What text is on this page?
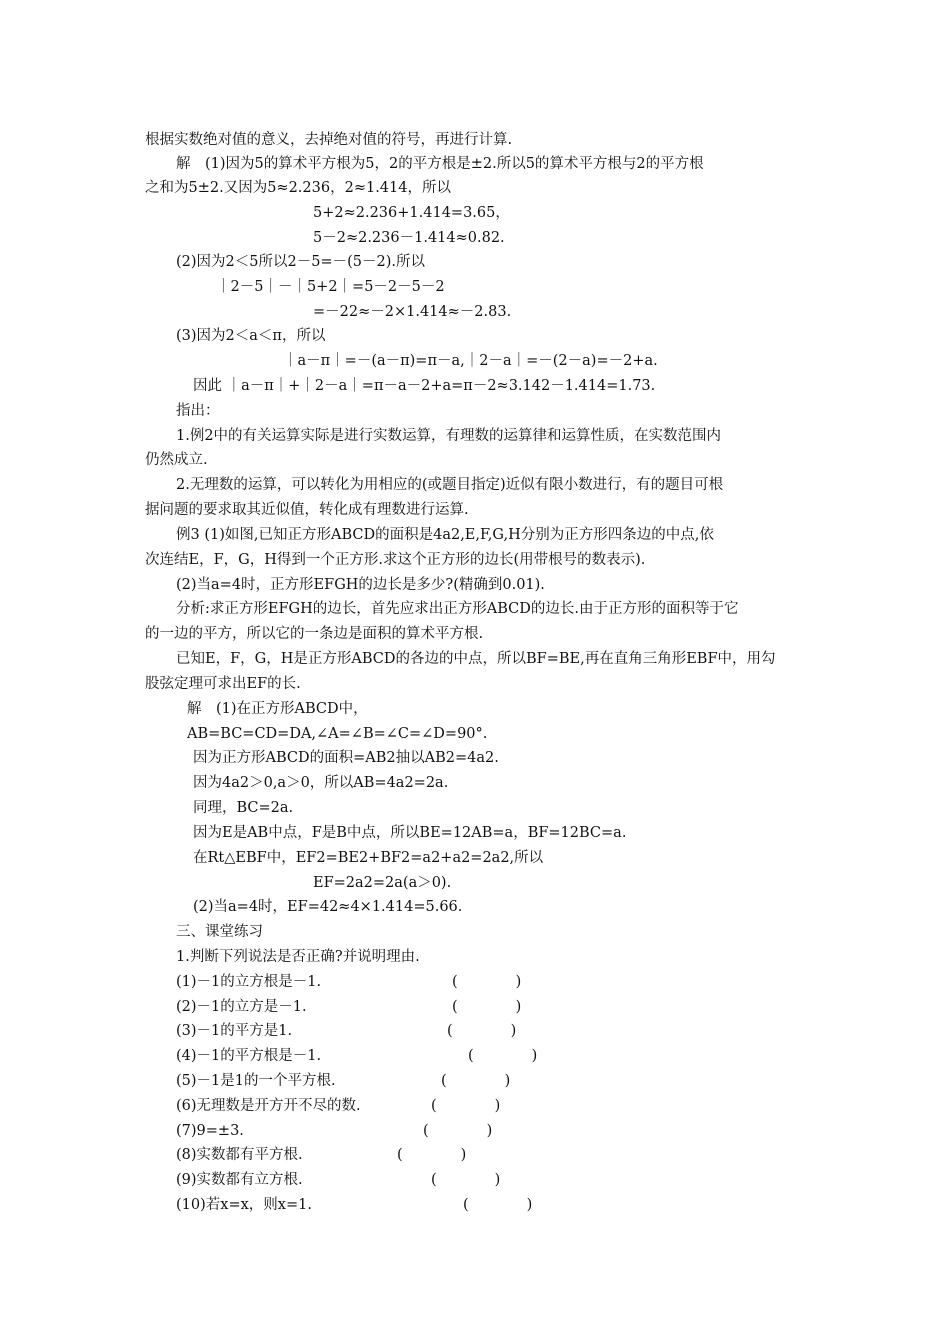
根据实数绝对值的意义，去掉绝对值的符号，再进行计算.
解　(1)因为5的算术平方根为5，2的平方根是±2.所以5的算术平方根与2的平方根
之和为5±2.又因为5≈2.236，2≈1.414，所以
5+2≈2.236+1.414=3.65，
5－2≈2.236－1.414≈0.82.
(2)因为2＜5所以2－5=－(5－2).所以
｜2－5｜－｜5+2｜=5－2－5－2
=－22≈－2×1.414≈－2.83.
(3)因为2＜a＜π，所以
｜a－π｜=－(a－π)=π－a,｜2－a｜=－(2－a)=－2+a.
因此 ｜a－π｜+｜2－a｜=π－a－2+a=π－2≈3.142－1.414=1.73.
指出：
1.例2中的有关运算实际是进行实数运算，有理数的运算律和运算性质，在实数范围内
仍然成立.
2.无理数的运算，可以转化为用相应的(或题目指定)近似有限小数进行，有的题目可根
据问题的要求取其近似值，转化成有理数进行运算.
例3 (1)如图,已知正方形ABCD的面积是4a2,E,F,G,H分别为正方形四条边的中点,依
次连结E，F，G，H得到一个正方形.求这个正方形的边长(用带根号的数表示).
(2)当a=4时，正方形EFGH的边长是多少?(精确到0.01).
分析:求正方形EFGH的边长，首先应求出正方形ABCD的边长.由于正方形的面积等于它
的一边的平方，所以它的一条边是面积的算术平方根.
已知E，F，G，H是正方形ABCD的各边的中点，所以BF=BE,再在直角三角形EBF中，用勾
股弦定理可求出EF的长.
解　(1)在正方形ABCD中，
AB=BC=CD=DA,∠A=∠B=∠C=∠D=90°.
因为正方形ABCD的面积=AB2抽以AB2=4a2.
因为4a2＞0,a＞0，所以AB=4a2=2a.
同理，BC=2a.
因为E是AB中点，F是B中点，所以BE=12AB=a，BF=12BC=a.
在Rt△EBF中，EF2=BE2+BF2=a2+a2=2a2,所以
EF=2a2=2a(a＞0).
(2)当a=4时，EF=42≈4×1.414=5.66.
三、课堂练习
1.判断下列说法是否正确?并说明理由.
(1)－1的立方根是－1.	(　　　　)
(2)－1的立方是－1.	(　　　　)
(3)－1的平方是1.	(　　　　)
(4)－1的平方根是－1.	(　　　　)
(5)－1是1的一个平方根.	(　　　　)
(6)无理数是开方开不尽的数.	(　　　　)
(7)9=±3.	(　　　　)
(8)实数都有平方根.	(　　　　)
(9)实数都有立方根.	(　　　　)
(10)若x=x，则x=1.	(　　　　)
